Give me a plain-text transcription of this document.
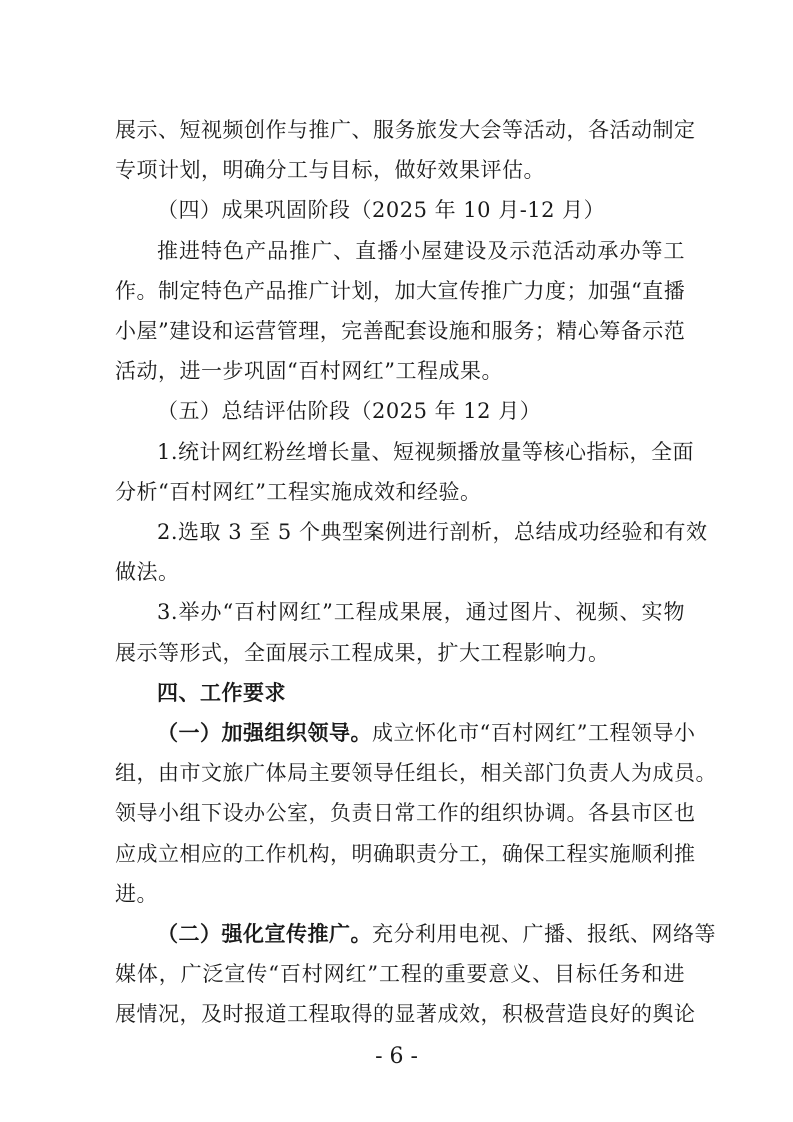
展示、短视频创作与推广、服务旅发大会等活动，各活动制定
专项计划，明确分工与目标，做好效果评估。
（四）成果巩固阶段（2025 年 10 月-12 月）
推进特色产品推广、直播小屋建设及示范活动承办等工
作。制定特色产品推广计划，加大宣传推广力度；加强“直播
小屋”建设和运营管理，完善配套设施和服务；精心筹备示范
活动，进一步巩固“百村网红”工程成果。
（五）总结评估阶段（2025 年 12 月）
1.统计网红粉丝增长量、短视频播放量等核心指标，全面
分析“百村网红”工程实施成效和经验。
2.选取 3 至 5 个典型案例进行剖析，总结成功经验和有效
做法。
3.举办“百村网红”工程成果展，通过图片、视频、实物
展示等形式，全面展示工程成果，扩大工程影响力。
四、工作要求
（一）加强组织领导。成立怀化市“百村网红”工程领导小
组，由市文旅广体局主要领导任组长，相关部门负责人为成员。
领导小组下设办公室，负责日常工作的组织协调。各县市区也
应成立相应的工作机构，明确职责分工，确保工程实施顺利推
进。
（二）强化宣传推广。充分利用电视、广播、报纸、网络等
媒体，广泛宣传“百村网红”工程的重要意义、目标任务和进
展情况，及时报道工程取得的显著成效，积极营造良好的舆论
- 6 -
